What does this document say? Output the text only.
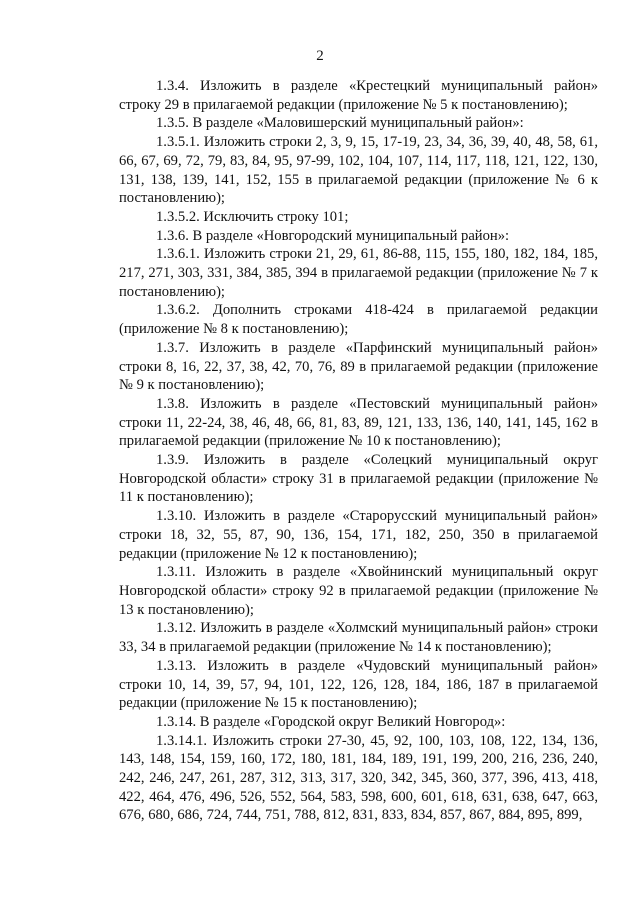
2

1.3.4. Изложить в разделе «Крестецкий муниципальный район» строку 29 в прилагаемой редакции (приложение № 5 к постановлению);

1.3.5. В разделе «Маловишерский муниципальный район»:

1.3.5.1. Изложить строки 2, 3, 9, 15, 17-19, 23, 34, 36, 39, 40, 48, 58, 61, 66, 67, 69, 72, 79, 83, 84, 95, 97-99, 102, 104, 107, 114, 117, 118, 121, 122, 130, 131, 138, 139, 141, 152, 155 в прилагаемой редакции (приложение № 6 к постановлению);

1.3.5.2. Исключить строку 101;

1.3.6. В разделе «Новгородский муниципальный район»:

1.3.6.1. Изложить строки 21, 29, 61, 86-88, 115, 155, 180, 182, 184, 185, 217, 271, 303, 331, 384, 385, 394 в прилагаемой редакции (приложение № 7 к постановлению);

1.3.6.2. Дополнить строками 418-424 в прилагаемой редакции (приложение № 8 к постановлению);

1.3.7. Изложить в разделе «Парфинский муниципальный район» строки 8, 16, 22, 37, 38, 42, 70, 76, 89 в прилагаемой редакции (приложение № 9 к постановлению);

1.3.8. Изложить в разделе «Пестовский муниципальный район» строки 11, 22-24, 38, 46, 48, 66, 81, 83, 89, 121, 133, 136, 140, 141, 145, 162 в прилагаемой редакции (приложение № 10 к постановлению);

1.3.9. Изложить в разделе «Солецкий муниципальный округ Новгородской области» строку 31 в прилагаемой редакции (приложение № 11 к постановлению);

1.3.10. Изложить в разделе «Старорусский муниципальный район» строки 18, 32, 55, 87, 90, 136, 154, 171, 182, 250, 350 в прилагаемой редакции (приложение № 12 к постановлению);

1.3.11. Изложить в разделе «Хвойнинский муниципальный округ Новгородской области» строку 92 в прилагаемой редакции (приложение № 13 к постановлению);

1.3.12. Изложить в разделе «Холмский муниципальный район» строки 33, 34 в прилагаемой редакции (приложение № 14 к постановлению);

1.3.13. Изложить в разделе «Чудовский муниципальный район» строки 10, 14, 39, 57, 94, 101, 122, 126, 128, 184, 186, 187 в прилагаемой редакции (приложение № 15 к постановлению);

1.3.14. В разделе «Городской округ Великий Новгород»:

1.3.14.1. Изложить строки 27-30, 45, 92, 100, 103, 108, 122, 134, 136, 143, 148, 154, 159, 160, 172, 180, 181, 184, 189, 191, 199, 200, 216, 236, 240, 242, 246, 247, 261, 287, 312, 313, 317, 320, 342, 345, 360, 377, 396, 413, 418, 422, 464, 476, 496, 526, 552, 564, 583, 598, 600, 601, 618, 631, 638, 647, 663, 676, 680, 686, 724, 744, 751, 788, 812, 831, 833, 834, 857, 867, 884, 895, 899,
